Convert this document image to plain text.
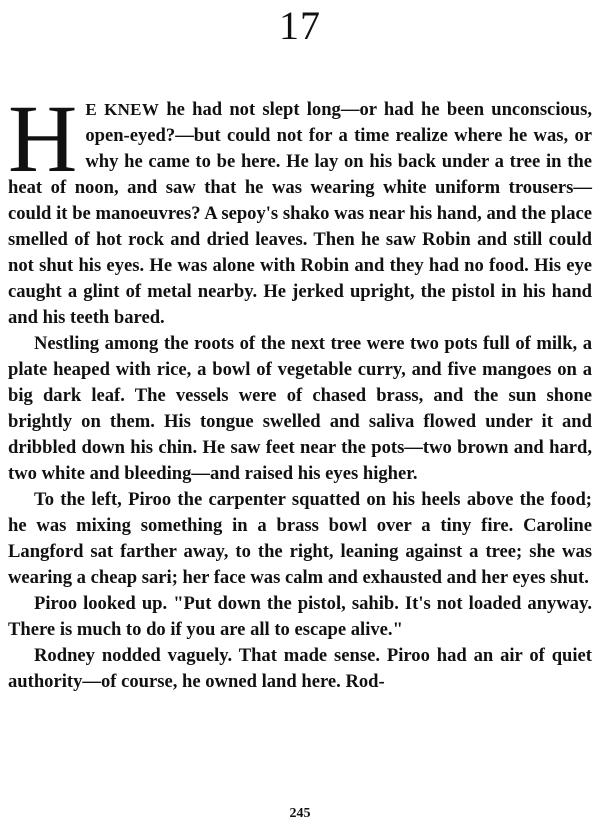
17

H E KNEW he had not slept long—or had he been unconscious, open-eyed?—but could not for a time realize where he was, or why he came to be here. He lay on his back under a tree in the heat of noon, and saw that he was wearing white uniform trousers—could it be manoeuvres? A sepoy's shako was near his hand, and the place smelled of hot rock and dried leaves. Then he saw Robin and still could not shut his eyes. He was alone with Robin and they had no food. His eye caught a glint of metal nearby. He jerked upright, the pistol in his hand and his teeth bared.

Nestling among the roots of the next tree were two pots full of milk, a plate heaped with rice, a bowl of vegetable curry, and five mangoes on a big dark leaf. The vessels were of chased brass, and the sun shone brightly on them. His tongue swelled and saliva flowed under it and dribbled down his chin. He saw feet near the pots—two brown and hard, two white and bleeding—and raised his eyes higher.

To the left, Piroo the carpenter squatted on his heels above the food; he was mixing something in a brass bowl over a tiny fire. Caroline Langford sat farther away, to the right, leaning against a tree; she was wearing a cheap sari; her face was calm and exhausted and her eyes shut.

Piroo looked up. "Put down the pistol, sahib. It's not loaded anyway. There is much to do if you are all to escape alive."

Rodney nodded vaguely. That made sense. Piroo had an air of quiet authority—of course, he owned land here. Rod-

245
